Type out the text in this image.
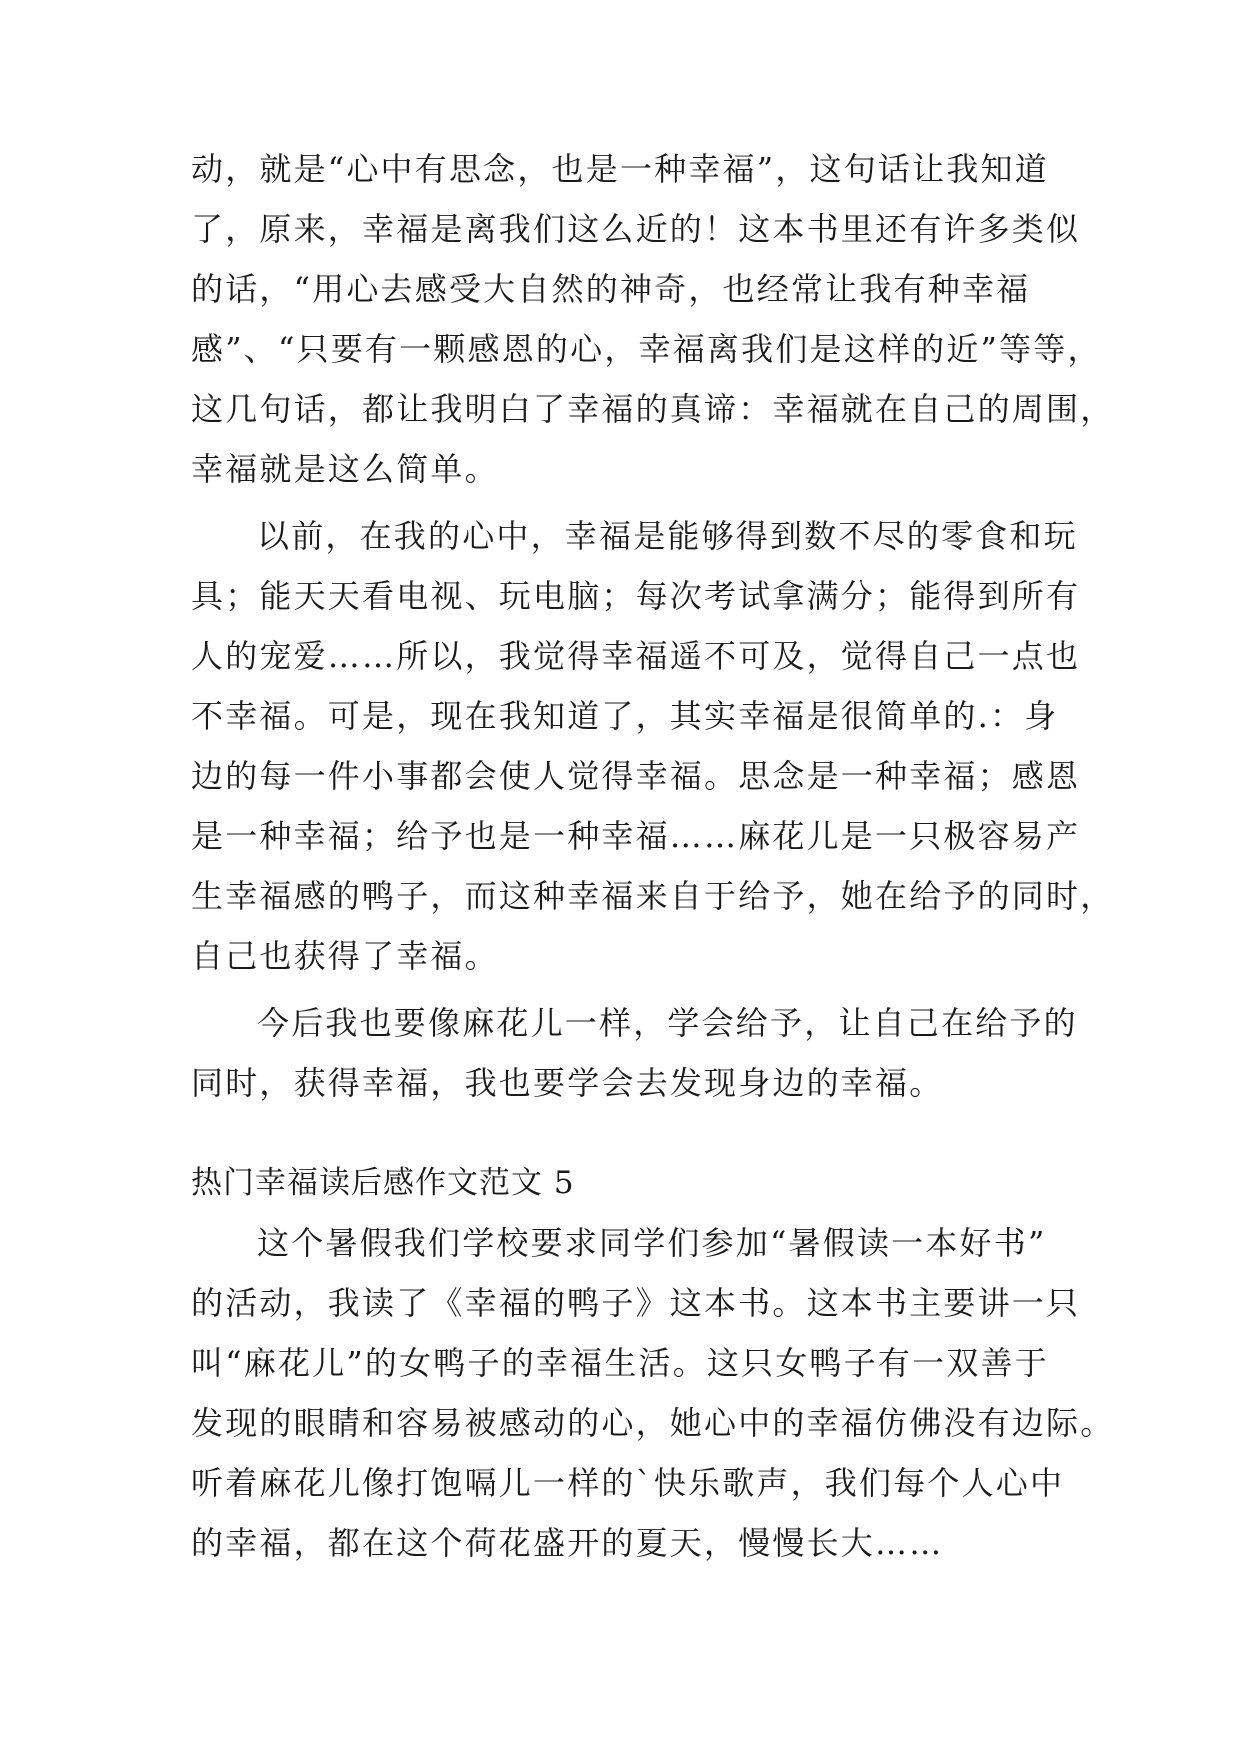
动，就是“心中有思念，也是一种幸福”，这句话让我知道
了，原来，幸福是离我们这么近的！这本书里还有许多类似
的话，“用心去感受大自然的神奇，也经常让我有种幸福
感”、“只要有一颗感恩的心，幸福离我们是这样的近”等等，
这几句话，都让我明白了幸福的真谛：幸福就在自己的周围，
幸福就是这么简单。
以前，在我的心中，幸福是能够得到数不尽的零食和玩
具；能天天看电视、玩电脑；每次考试拿满分；能得到所有
人的宠爱……所以，我觉得幸福遥不可及，觉得自己一点也
不幸福。可是，现在我知道了，其实幸福是很简单的.：身
边的每一件小事都会使人觉得幸福。思念是一种幸福；感恩
是一种幸福；给予也是一种幸福……麻花儿是一只极容易产
生幸福感的鸭子，而这种幸福来自于给予，她在给予的同时，
自己也获得了幸福。
今后我也要像麻花儿一样，学会给予，让自己在给予的
同时，获得幸福，我也要学会去发现身边的幸福。
热门幸福读后感作文范文 5
这个暑假我们学校要求同学们参加“暑假读一本好书”
的活动，我读了《幸福的鸭子》这本书。这本书主要讲一只
叫“麻花儿”的女鸭子的幸福生活。这只女鸭子有一双善于
发现的眼睛和容易被感动的心，她心中的幸福仿佛没有边际。
听着麻花儿像打饱嗝儿一样的`快乐歌声，我们每个人心中
的幸福，都在这个荷花盛开的夏天，慢慢长大……
